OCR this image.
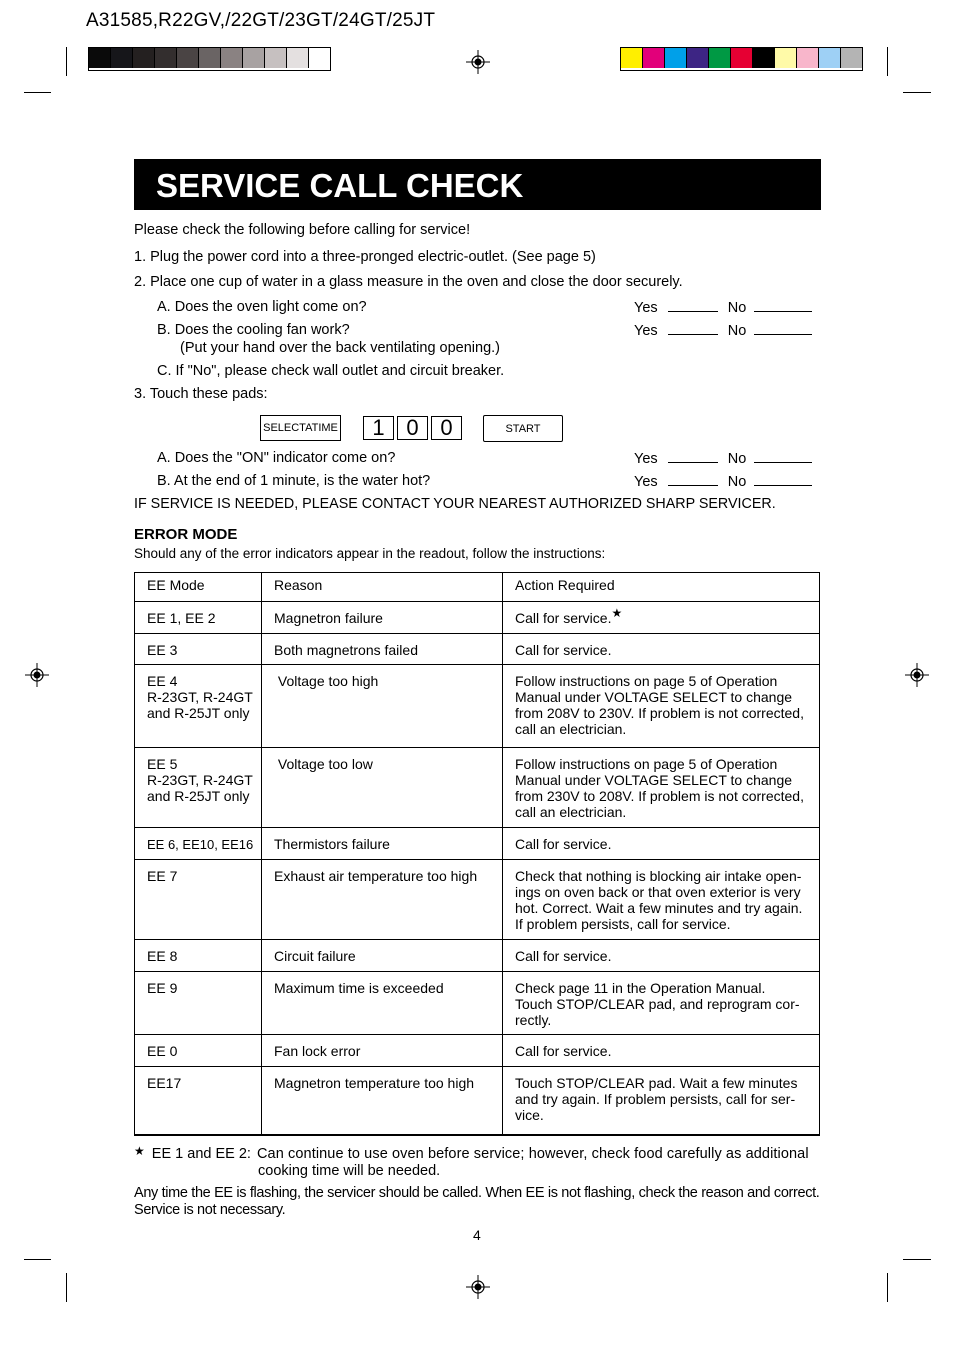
A31585,R22GV,/22GT/23GT/24GT/25JT
SERVICE CALL CHECK
Please check the following before calling for service!
1. Plug the power cord into a three-pronged electric-outlet. (See page 5)
2. Place one cup of water in a glass measure in the oven and close the door securely.
A. Does the oven light come on?	Yes	No
B. Does the cooling fan work?	Yes	No
(Put your hand over the back ventilating opening.)
C. If "No", please check wall outlet and circuit breaker.
3. Touch these pads:
SELECTATIME	1 0 0	START
A. Does the "ON" indicator come on?	Yes	No
B. At the end of 1 minute, is the water hot?	Yes	No
IF SERVICE IS NEEDED, PLEASE CONTACT YOUR NEAREST AUTHORIZED SHARP SERVICER.
ERROR MODE
Should any of the error indicators appear in the readout, follow the instructions:
EE Mode	Reason	Action Required
EE 1, EE 2	Magnetron failure	Call for service.★
EE 3	Both magnetrons failed	Call for service.
EE 4
R-23GT, R-24GT
and R-25JT only	Voltage too high	Follow instructions on page 5 of Operation
Manual under VOLTAGE SELECT to change
from 208V to 230V. If problem is not corrected,
call an electrician.
EE 5
R-23GT, R-24GT
and R-25JT only	Voltage too low	Follow instructions on page 5 of Operation
Manual under VOLTAGE SELECT to change
from 230V to 208V. If problem is not corrected,
call an electrician.
EE 6, EE10, EE16	Thermistors failure	Call for service.
EE 7	Exhaust air temperature too high	Check that nothing is blocking air intake open-
ings on oven back or that oven exterior is very
hot. Correct. Wait a few minutes and try again.
If problem persists, call for service.
EE 8	Circuit failure	Call for service.
EE 9	Maximum time is exceeded	Check page 11 in the Operation Manual.
Touch STOP/CLEAR pad, and reprogram cor-
rectly.
EE 0	Fan lock error	Call for service.
EE17	Magnetron temperature too high	Touch STOP/CLEAR pad. Wait a few minutes
and try again. If problem persists, call for ser-
vice.
★ EE 1 and EE 2: Can continue to use oven before service; however, check food carefully as additional
cooking time will be needed.
Any time the EE is flashing, the servicer should be called. When EE is not flashing, check the reason and correct. Service is not necessary.
4
